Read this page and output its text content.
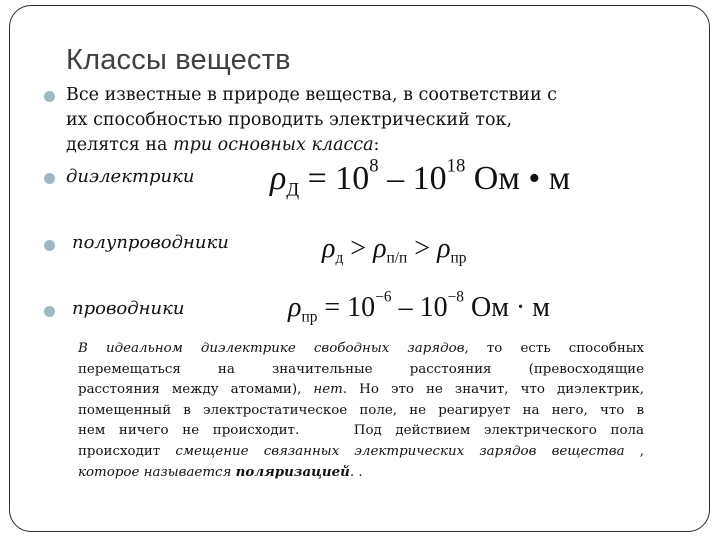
Классы веществ
Все известные в природе вещества, в соответствии с
их способностью проводить электрический ток,
делятся на три основных класса:
диэлектрики $\rho_Д = 10^8 - 10^{18}$ Ом • м
полупроводники	$\rho_д > \rho_{п/п} > \rho_{пр}$
проводники	$\rho_{пр} = 10^{-6} - 10^{-8}$ Ом · м
В идеальном диэлектрике свободных зарядов, то есть способных
перемещаться на значительные расстояния (превосходящие
расстояния между атомами), нет. Но это не значит, что диэлектрик,
помещенный в электростатическое поле, не реагирует на него, что в
нем ничего не происходит.    Под действием электрического пола
происходит смещение связанных электрических зарядов вещества ,
которое называется поляризацией. .
